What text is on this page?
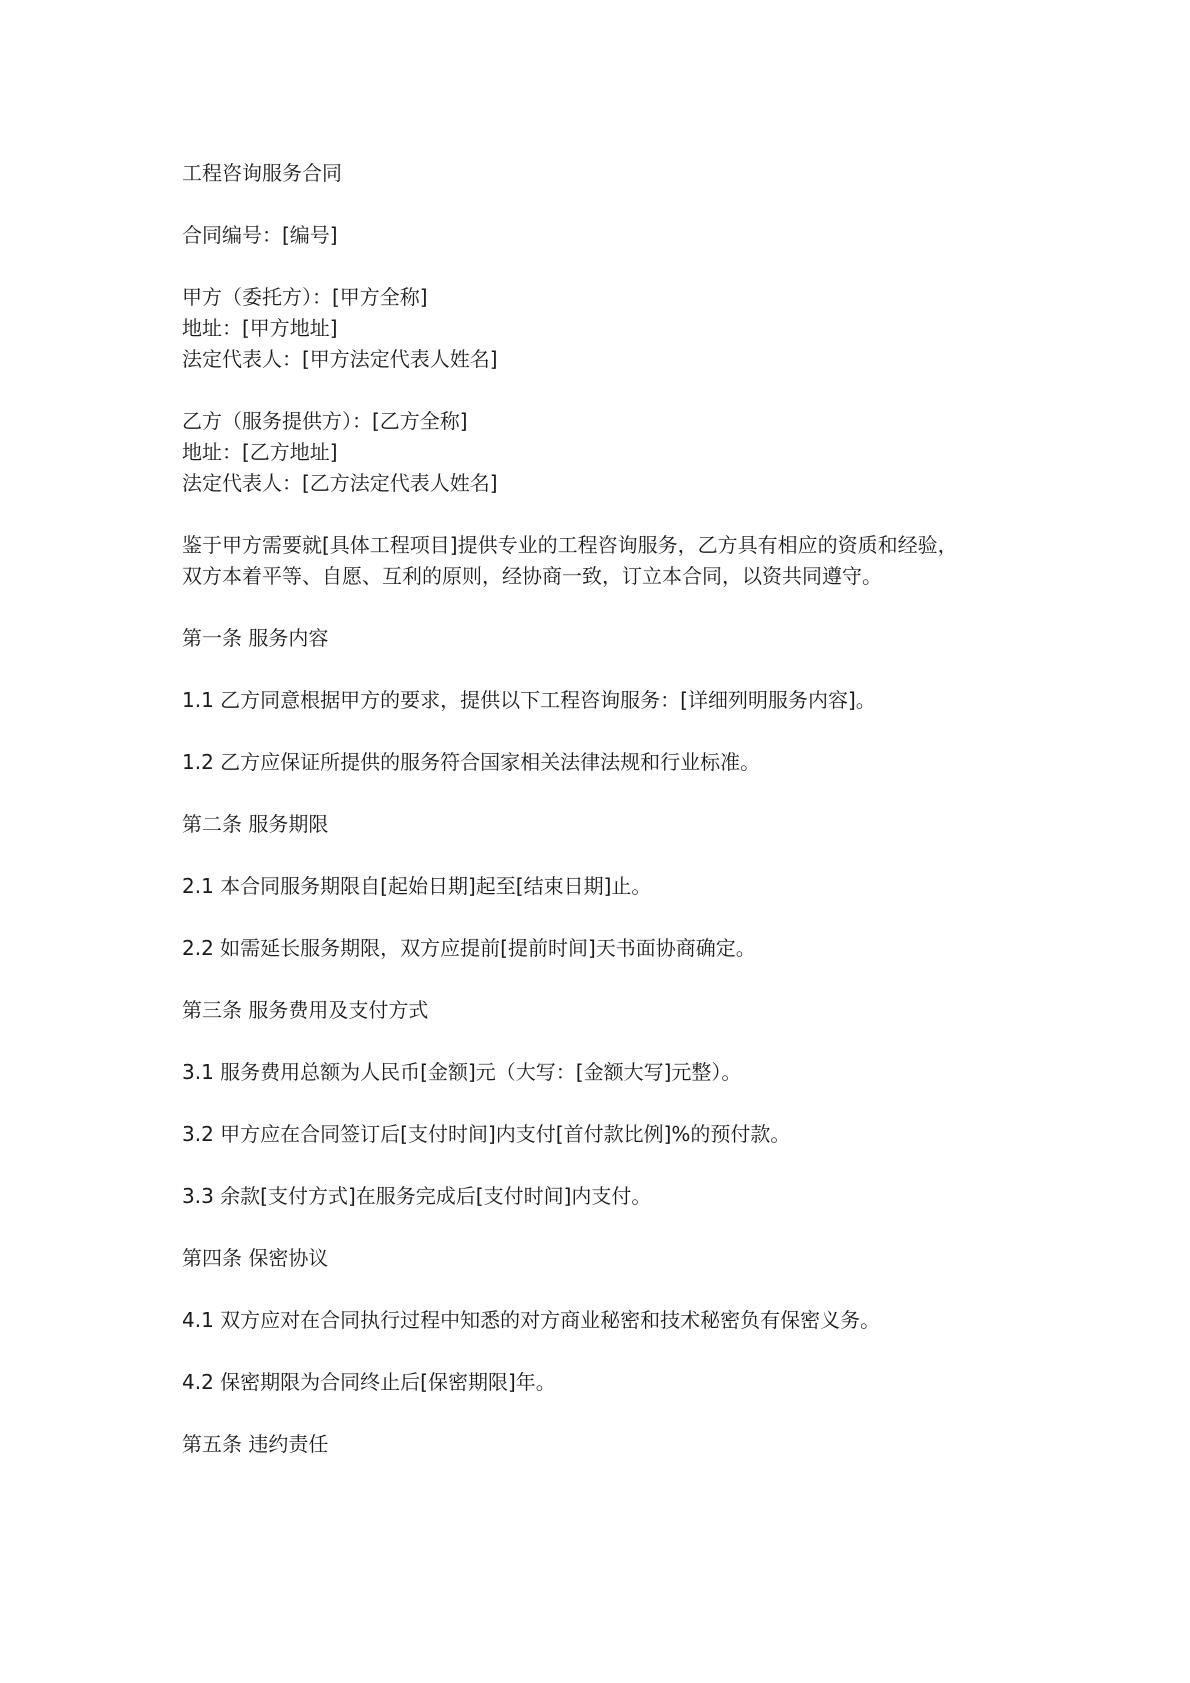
工程咨询服务合同

合同编号：[编号]

甲方（委托方）：[甲方全称]
地址：[甲方地址]
法定代表人：[甲方法定代表人姓名]
乙方（服务提供方）：[乙方全称]
地址：[乙方地址]
法定代表人：[乙方法定代表人姓名]
鉴于甲方需要就[具体工程项目]提供专业的工程咨询服务，乙方具有相应的资质和经验，
双方本着平等、自愿、互利的原则，经协商一致，订立本合同，以资共同遵守。

第一条 服务内容

1.1 乙方同意根据甲方的要求，提供以下工程咨询服务：[详细列明服务内容]。

1.2 乙方应保证所提供的服务符合国家相关法律法规和行业标准。

第二条 服务期限

2.1 本合同服务期限自[起始日期]起至[结束日期]止。

2.2 如需延长服务期限，双方应提前[提前时间]天书面协商确定。

第三条 服务费用及支付方式

3.1 服务费用总额为人民币[金额]元（大写：[金额大写]元整）。

3.2 甲方应在合同签订后[支付时间]内支付[首付款比例]%的预付款。

3.3 余款[支付方式]在服务完成后[支付时间]内支付。

第四条 保密协议

4.1 双方应对在合同执行过程中知悉的对方商业秘密和技术秘密负有保密义务。

4.2 保密期限为合同终止后[保密期限]年。

第五条 违约责任
